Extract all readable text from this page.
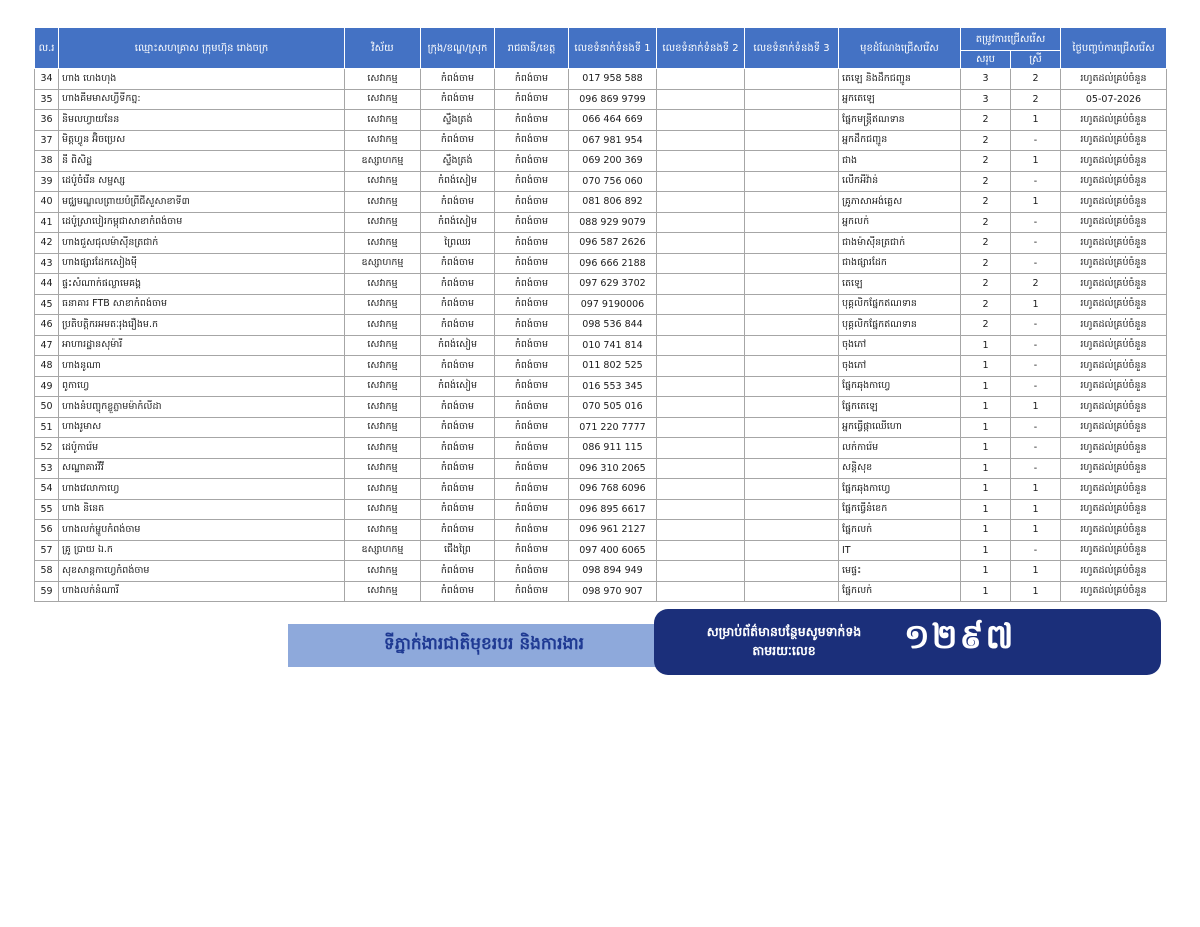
ល.រ	ឈ្មោះសហគ្រាស ក្រុមហ៊ុន រោងចក្រ	វិស័យ	ក្រុង/ខណ្ឌ/ស្រុក	រាជធានី/ខេត្ត	លេខទំនាក់ទំនងទី 1	លេខទំនាក់ទំនងទី 2	លេខទំនាក់ទំនងទី 3	មុខដំណែងជ្រើសរើស	តម្រូវការជ្រើសរើស		ថ្ងៃបញ្ចប់ការជ្រើសរើស
									សរុប	ស្រី	
34	ហាង ហេងហុង	សេវាកម្ម	កំពង់ចាម	កំពង់ចាម	017 958 588			តេឡេ និងដឹកជញ្ជូន	3	2	រហូតដល់គ្រប់ចំនួន
35	ហាងគីមមាសហ្វីទីកព្ន:	សេវាកម្ម	កំពង់ចាម	កំពង់ចាម	096 869 9799			អ្នកតេឡេ	3	2	05-07-2026
36	និមលហ្វាយនែន	សេវាកម្ម	ស្ទឹងត្រង់	កំពង់ចាម	066 464 669			ផ្នែកមន្ត្រីឥណទាន	2	1	រហូតដល់គ្រប់ចំនួន
37	មិត្តហ្វូន អ៊ិចប្រេស	សេវាកម្ម	កំពង់ចាម	កំពង់ចាម	067 981 954			អ្នកដឹកជញ្ជូន	2	-	រហូតដល់គ្រប់ចំនួន
38	នី ពិសិដ្ឋ	ឧស្សាហកម្ម	ស្ទឹងត្រង់	កំពង់ចាម	069 200 369			ជាង	2	1	រហូតដល់គ្រប់ចំនួន
39	ដេប៉ូចំរើន សម្ផស្ស	សេវាកម្ម	កំពង់សៀម	កំពង់ចាម	070 756 060			លើកអីវ៉ាន់	2	-	រហូតដល់គ្រប់ចំនួន
40	មជ្ឈមណ្ឌលព្រាយបំព្រីជីសួសាខាទី៣	សេវាកម្ម	កំពង់ចាម	កំពង់ចាម	081 806 892			គ្រូភាសាអង់គ្លេស	2	1	រហូតដល់គ្រប់ចំនួន
41	ដេប៉ូស្រាបៀរកម្ពុជាសាខាកំពង់ចាម	សេវាកម្ម	កំពង់សៀម	កំពង់ចាម	088 929 9079			អ្នកលក់	2	-	រហូតដល់គ្រប់ចំនួន
42	ហាងជួសជុលម៉ាស៊ីនត្រជាក់	សេវាកម្ម	ព្រៃឈរ	កំពង់ចាម	096 587 2626			ជាងម៉ាស៊ីនត្រជាក់	2	-	រហូតដល់គ្រប់ចំនួន
43	ហាងផ្សារដែកសៀងមុី	ឧស្សាហកម្ម	កំពង់ចាម	កំពង់ចាម	096 666 2188			ជាងផ្សារដែក	2	-	រហូតដល់គ្រប់ចំនួន
44	ផ្ទះសំណាក់ផល្លាមេគង្គ	សេវាកម្ម	កំពង់ចាម	កំពង់ចាម	097 629 3702			តេឡេ	2	2	រហូតដល់គ្រប់ចំនួន
45	ធនាគារ FTB សាខាកំពង់ចាម	សេវាកម្ម	កំពង់ចាម	កំពង់ចាម	097 9190006			បុគ្គលិកផ្នែកឥណទាន	2	1	រហូតដល់គ្រប់ចំនួន
46	ប្រតិបត្តិករអមតៈរុងរឿងម.ក	សេវាកម្ម	កំពង់ចាម	កំពង់ចាម	098 536 844			បុគ្គលិកផ្នែកឥណទាន	2	-	រហូតដល់គ្រប់ចំនួន
47	អាហារដ្ឋានសុម៉ារី	សេវាកម្ម	កំពង់សៀម	កំពង់ចាម	010 741 814			ចុងភៅ	1	-	រហូតដល់គ្រប់ចំនួន
48	ហាងនូណា	សេវាកម្ម	កំពង់ចាម	កំពង់ចាម	011 802 525			ចុងភៅ	1	-	រហូតដល់គ្រប់ចំនួន
49	ពូកាហ្វេ	សេវាកម្ម	កំពង់សៀម	កំពង់ចាម	016 553 345			ផ្នែកឆុងកាហ្វេ	1	-	រហូតដល់គ្រប់ចំនួន
50	ហាងនំបញ្ចុកខ្លួភ្លាមម៉ាកំលីដា	សេវាកម្ម	កំពង់ចាម	កំពង់ចាម	070 505 016			ផ្នែកតេឡេ	1	1	រហូតដល់គ្រប់ចំនួន
51	ហាងរូមាស	សេវាកម្ម	កំពង់ចាម	កំពង់ចាម	071 220 7777			អ្នកធ្វើផ្កាឈើហោ	1	-	រហូតដល់គ្រប់ចំនួន
52	ដេប៉ូការ៉េម	សេវាកម្ម	កំពង់ចាម	កំពង់ចាម	086 911 115			លក់ការ៉េម	1	-	រហូតដល់គ្រប់ចំនួន
53	សណ្ឋាគារវីវី	សេវាកម្ម	កំពង់ចាម	កំពង់ចាម	096 310 2065			សន្តិសុខ	1	-	រហូតដល់គ្រប់ចំនួន
54	ហាងវេលាកាហ្វេ	សេវាកម្ម	កំពង់ចាម	កំពង់ចាម	096 768 6096			ផ្នែកឆុងកាហ្វេ	1	1	រហូតដល់គ្រប់ចំនួន
55	ហាង និនេត	សេវាកម្ម	កំពង់ចាម	កំពង់ចាម	096 895 6617			ផ្នែកធ្វើនំខេក	1	1	រហូតដល់គ្រប់ចំនួន
56	ហាងលក់ម្ហូបកំពង់ចាម	សេវាកម្ម	កំពង់ចាម	កំពង់ចាម	096 961 2127			ផ្នែកលក់	1	1	រហូតដល់គ្រប់ចំនួន
57	គ្រូ ប្រាយ ឯ.ក	ឧស្សាហកម្ម	ជើងព្រៃ	កំពង់ចាម	097 400 6065			IT	1	-	រហូតដល់គ្រប់ចំនួន
58	សុខសាន្តកាហ្វេកំពង់ចាម	សេវាកម្ម	កំពង់ចាម	កំពង់ចាម	098 894 949			មេផ្ទះ	1	1	រហូតដល់គ្រប់ចំនួន
59	ហាងលក់នំណារី	សេវាកម្ម	កំពង់ចាម	កំពង់ចាម	098 970 907			ផ្នែកលក់	1	1	រហូតដល់គ្រប់ចំនួន
ទីភ្នាក់ងារជាតិមុខរបរ និងការងារ
សម្រាប់ព័ត៌មានបន្ថែមសូមទាក់ទងតាមរយៈលេខ	១២៩៧
